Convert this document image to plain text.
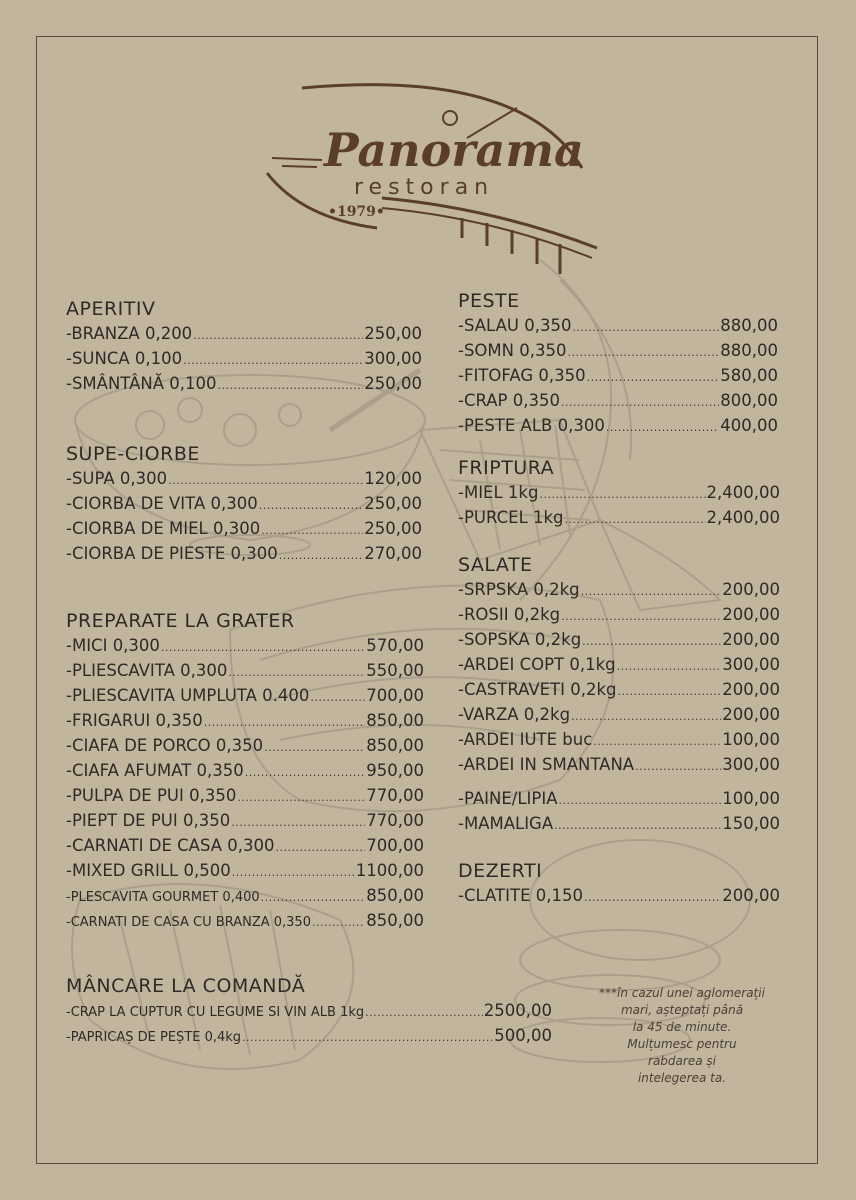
Panorama
restoran
•1979•
APERITIV
-BRANZA 0,200 .....	250,00
-SUNCA 0,100 .....	300,00
-SMÂNTÂNĂ 0,100 .....	250,00
SUPE-CIORBE
-SUPA 0,300 .....	120,00
-CIORBA DE VITA 0,300 .....	250,00
-CIORBA DE MIEL 0,300 .....	250,00
-CIORBA DE PIESTE 0,300 .....	270,00
PREPARATE LA GRATER
-MICI 0,300 .....	570,00
-PLIESCAVITA 0,300 .....	550,00
-PLIESCAVITA UMPLUTA 0.400 .....	700,00
-FRIGARUI 0,350 .....	850,00
-CIAFA DE PORCO 0,350 .....	850,00
-CIAFA AFUMAT 0,350 .....	950,00
-PULPA DE PUI 0,350 .....	770,00
-PIEPT DE PUI 0,350 .....	770,00
-CARNATI DE CASA 0,300 .....	700,00
-MIXED GRILL 0,500 .....	1100,00
-PLESCAVITA GOURMET 0,400 .....	850,00
-CARNATI DE CASA CU BRANZA 0,350 .....	850,00
PESTE
-SALAU 0,350 .....	880,00
-SOMN 0,350 .....	880,00
-FITOFAG 0,350 .....	580,00
-CRAP 0,350 .....	800,00
-PESTE ALB 0,300 .....	400,00
FRIPTURA
-MIEL 1kg .....	2,400,00
-PURCEL 1kg .....	2,400,00
SALATE
-SRPSKA 0,2kg .....	200,00
-ROSII 0,2kg .....	200,00
-SOPSKA 0,2kg .....	200,00
-ARDEI COPT 0,1kg .....	300,00
-CASTRAVETI 0,2kg .....	200,00
-VARZA 0,2kg .....	200,00
-ARDEI IUTE buc .....	100,00
-ARDEI IN SMANTANA .....	300,00
-PAINE/LIPIA .....	100,00
-MAMALIGA .....	150,00
DEZERTI
-CLATITE 0,150 .....	200,00
MÂNCARE LA COMANDĂ
-CRAP LA CUPTUR CU LEGUME SI VIN ALB 1kg .....	2500,00
-PAPRICAȘ DE PEȘTE 0,4kg .....	500,00
***în cazul unei aglomerații
mari, așteptați până
la 45 de minute.
Mulțumesc pentru
rabdarea și
intelegerea ta.
